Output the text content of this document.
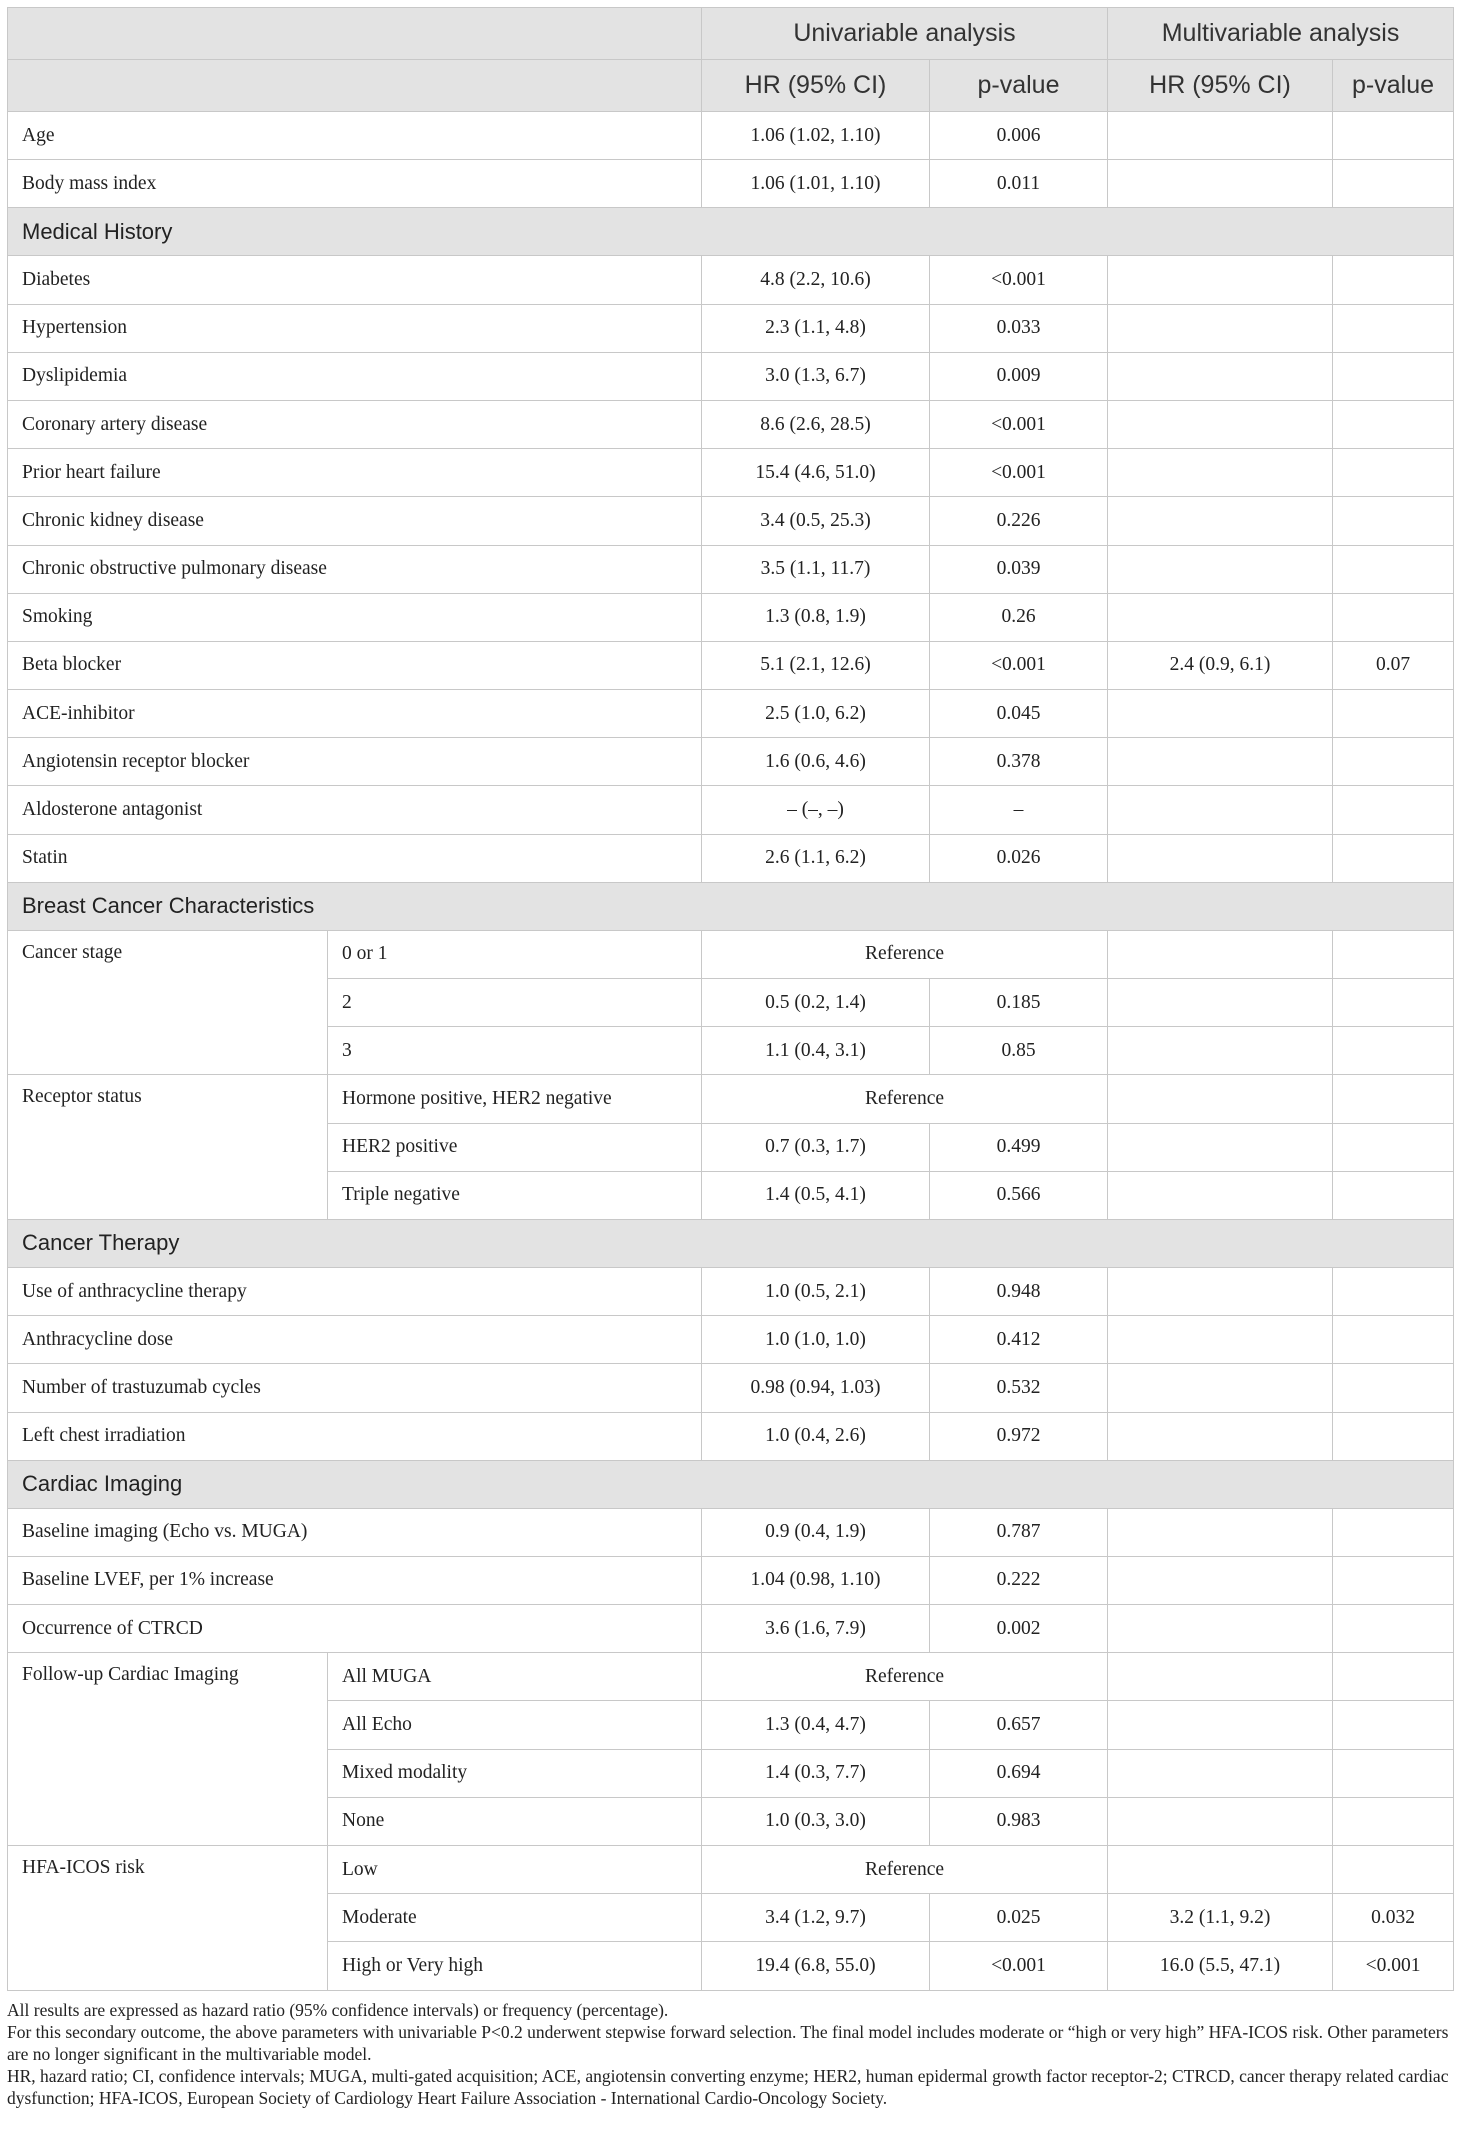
		Univariable analysis		Multivariable analysis	
		HR (95% CI)	p-value	HR (95% CI)	p-value
Age		1.06 (1.02, 1.10)	0.006		
Body mass index		1.06 (1.01, 1.10)	0.011		
Medical History					
Diabetes		4.8 (2.2, 10.6)	<0.001		
Hypertension		2.3 (1.1, 4.8)	0.033		
Dyslipidemia		3.0 (1.3, 6.7)	0.009		
Coronary artery disease		8.6 (2.6, 28.5)	<0.001		
Prior heart failure		15.4 (4.6, 51.0)	<0.001		
Chronic kidney disease		3.4 (0.5, 25.3)	0.226		
Chronic obstructive pulmonary disease		3.5 (1.1, 11.7)	0.039		
Smoking		1.3 (0.8, 1.9)	0.26		
Beta blocker		5.1 (2.1, 12.6)	<0.001	2.4 (0.9, 6.1)	0.07
ACE-inhibitor		2.5 (1.0, 6.2)	0.045		
Angiotensin receptor blocker		1.6 (0.6, 4.6)	0.378		
Aldosterone antagonist		– (–, –)	–		
Statin		2.6 (1.1, 6.2)	0.026		
Breast Cancer Characteristics					
Cancer stage	0 or 1	Reference			
	2	0.5 (0.2, 1.4)	0.185		
	3	1.1 (0.4, 3.1)	0.85		
Receptor status	Hormone positive, HER2 negative	Reference			
	HER2 positive	0.7 (0.3, 1.7)	0.499		
	Triple negative	1.4 (0.5, 4.1)	0.566		
Cancer Therapy					
Use of anthracycline therapy		1.0 (0.5, 2.1)	0.948		
Anthracycline dose		1.0 (1.0, 1.0)	0.412		
Number of trastuzumab cycles		0.98 (0.94, 1.03)	0.532		
Left chest irradiation		1.0 (0.4, 2.6)	0.972		
Cardiac Imaging					
Baseline imaging (Echo vs. MUGA)		0.9 (0.4, 1.9)	0.787		
Baseline LVEF, per 1% increase		1.04 (0.98, 1.10)	0.222		
Occurrence of CTRCD		3.6 (1.6, 7.9)	0.002		
Follow-up Cardiac Imaging	All MUGA	Reference			
	All Echo	1.3 (0.4, 4.7)	0.657		
	Mixed modality	1.4 (0.3, 7.7)	0.694		
	None	1.0 (0.3, 3.0)	0.983		
HFA-ICOS risk	Low	Reference			
	Moderate	3.4 (1.2, 9.7)	0.025	3.2 (1.1, 9.2)	0.032
	High or Very high	19.4 (6.8, 55.0)	<0.001	16.0 (5.5, 47.1)	<0.001

All results are expressed as hazard ratio (95% confidence intervals) or frequency (percentage).

For this secondary outcome, the above parameters with univariable P<0.2 underwent stepwise forward selection. The final model includes moderate or “high or very high” HFA-ICOS risk. Other parameters are no longer significant in the multivariable model.

HR, hazard ratio; CI, confidence intervals; MUGA, multi-gated acquisition; ACE, angiotensin converting enzyme; HER2, human epidermal growth factor receptor-2; CTRCD, cancer therapy related cardiac dysfunction; HFA-ICOS, European Society of Cardiology Heart Failure Association - International Cardio-Oncology Society.
